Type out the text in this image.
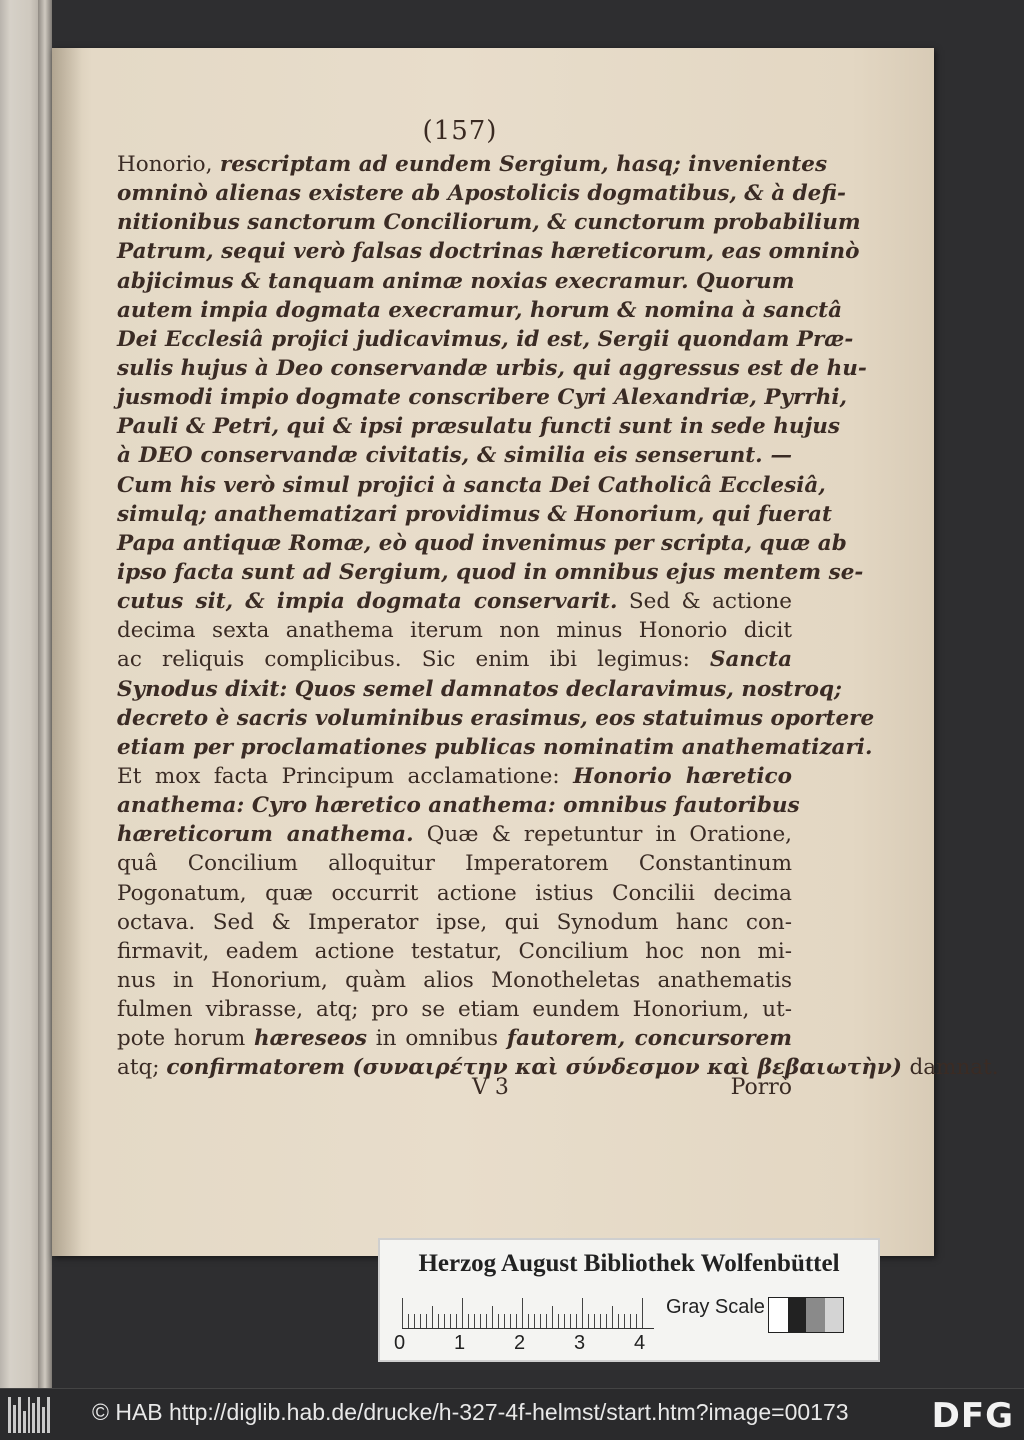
(157)
Honorio, rescriptam ad eundem Sergium, hasq; invenientes
omninò alienas existere ab Apostolicis dogmatibus, & à defi-
nitionibus sanctorum Conciliorum, & cunctorum probabilium
Patrum, sequi verò falsas doctrinas hæreticorum, eas omninò
abjicimus & tanquam animæ noxias execramur. Quorum
autem impia dogmata execramur, horum & nomina à sanctâ
Dei Ecclesiâ projici judicavimus, id est, Sergii quondam Præ-
sulis hujus à Deo conservandæ urbis, qui aggressus est de hu-
jusmodi impio dogmate conscribere Cyri Alexandriæ, Pyrrhi,
Pauli & Petri, qui & ipsi præsulatu functi sunt in sede hujus
à DEO conservandæ civitatis, & similia eis senserunt. —
Cum his verò simul projici à sancta Dei Catholicâ Ecclesiâ,
simulq; anathematizari providimus & Honorium, qui fuerat
Papa antiquæ Romæ, eò quod invenimus per scripta, quæ ab
ipso facta sunt ad Sergium, quod in omnibus ejus mentem se-
cutus sit, & impia dogmata conservarit. Sed & actione
decima sexta anathema iterum non minus Honorio dicit
ac reliquis complicibus. Sic enim ibi legimus: Sancta
Synodus dixit: Quos semel damnatos declaravimus, nostroq;
decreto è sacris voluminibus erasimus, eos statuimus oportere
etiam per proclamationes publicas nominatim anathematizari.
Et mox facta Principum acclamatione: Honorio hæretico
anathema: Cyro hæretico anathema: omnibus fautoribus
hæreticorum anathema. Quæ & repetuntur in Oratione,
quâ Concilium alloquitur Imperatorem Constantinum
Pogonatum, quæ occurrit actione istius Concilii decima
octava. Sed & Imperator ipse, qui Synodum hanc con-
firmavit, eadem actione testatur, Concilium hoc non mi-
nus in Honorium, quàm alios Monotheletas anathematis
fulmen vibrasse, atq; pro se etiam eundem Honorium, ut-
pote horum hæreseos in omnibus fautorem, concursorem
atq; confirmatorem (συναιρέτην καὶ σύνδεσμον καὶ βεβαιωτὴν) damnat.
V 3	Porrò
Herzog August Bibliothek Wolfenbüttel
0 1 2 3 4
Gray Scale
© HAB http://diglib.hab.de/drucke/h-327-4f-helmst/start.htm?image=00173 DFG
